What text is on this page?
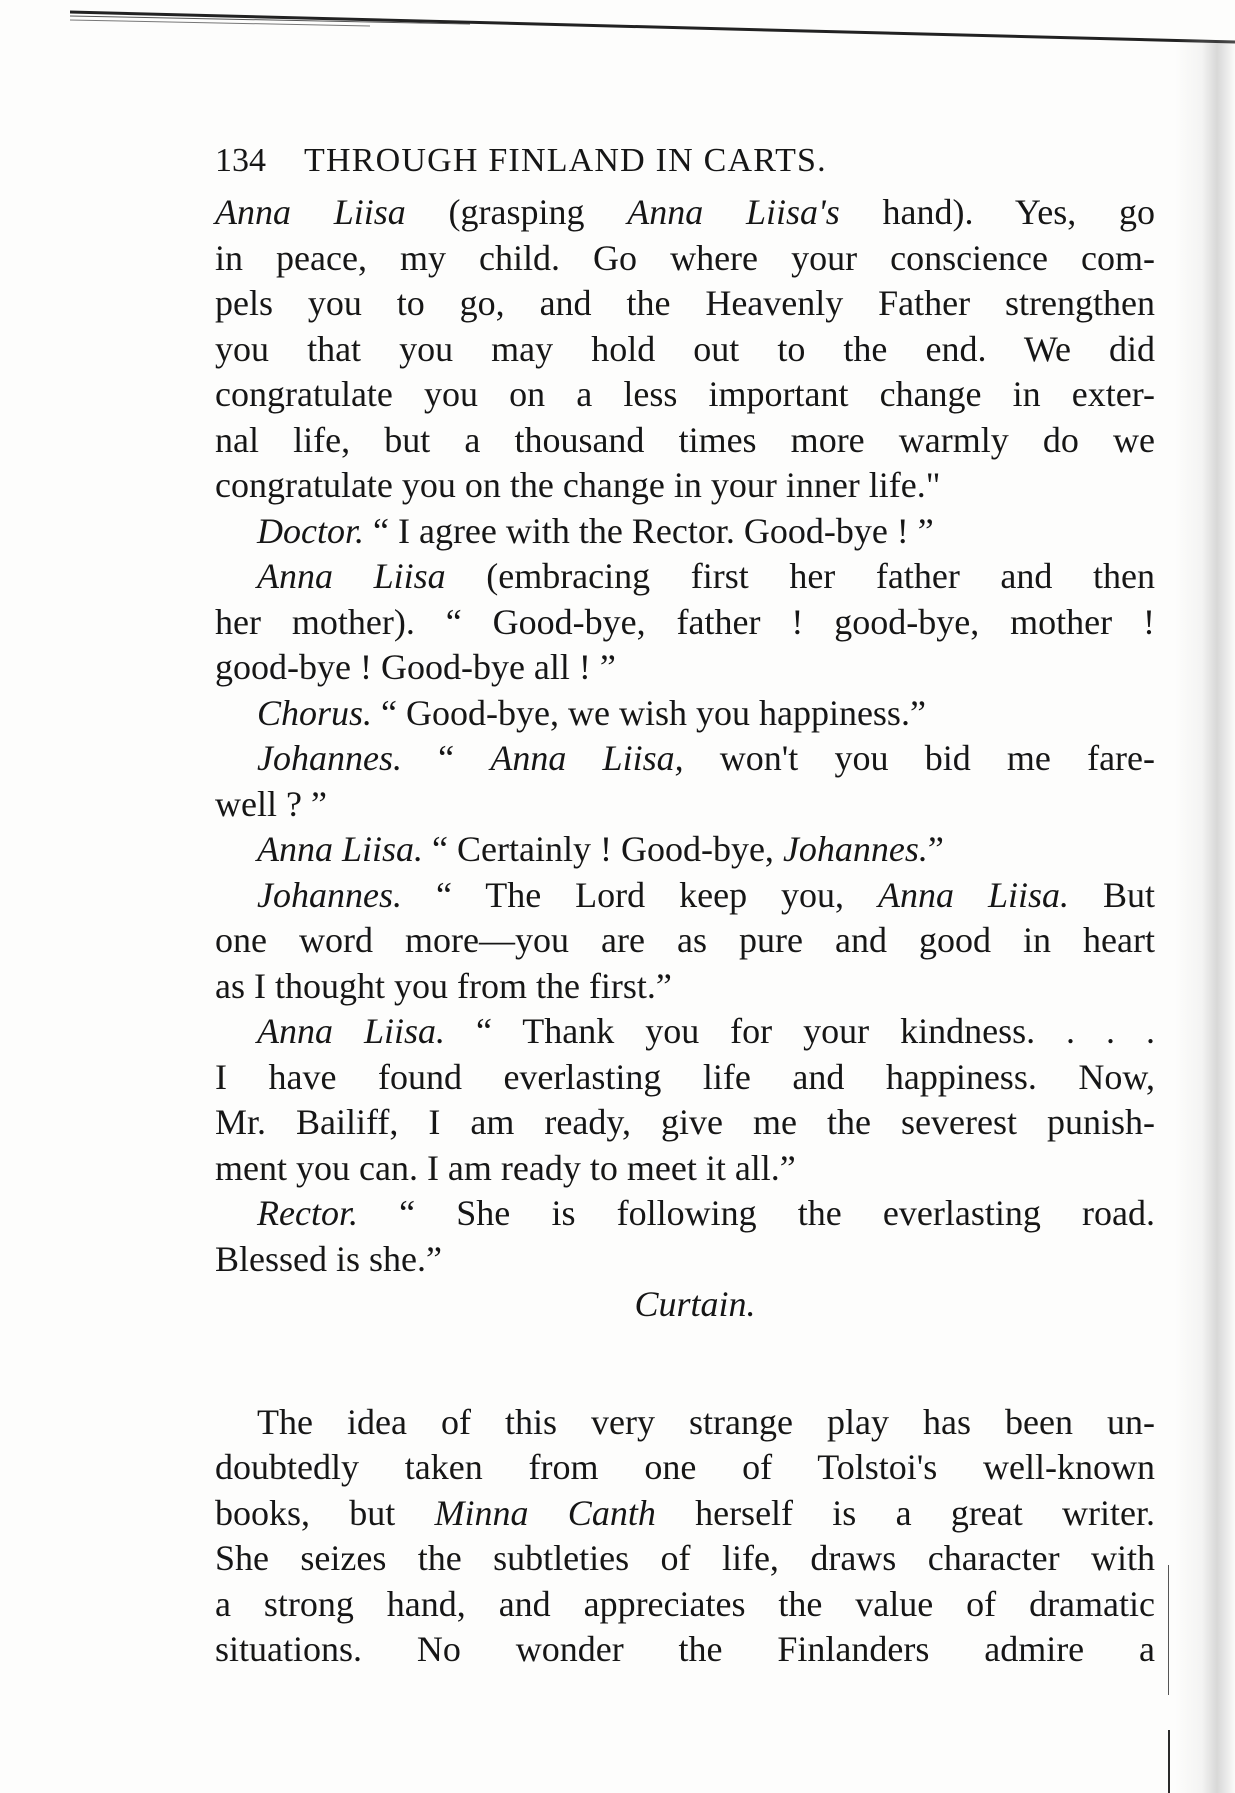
134 THROUGH FINLAND IN CARTS.
Anna Liisa (grasping Anna Liisa's hand). Yes, go
in peace, my child. Go where your conscience com-
pels you to go, and the Heavenly Father strengthen
you that you may hold out to the end. We did
congratulate you on a less important change in exter-
nal life, but a thousand times more warmly do we
congratulate you on the change in your inner life."
Doctor. “ I agree with the Rector. Good-bye ! ”
Anna Liisa (embracing first her father and then
her mother). “ Good-bye, father ! good-bye, mother !
good-bye ! Good-bye all ! ”
Chorus. “ Good-bye, we wish you happiness.”
Johannes. “ Anna Liisa, won't you bid me fare-
well ? ”
Anna Liisa. “ Certainly ! Good-bye, Johannes.”
Johannes. “ The Lord keep you, Anna Liisa. But
one word more—you are as pure and good in heart
as I thought you from the first.”
Anna Liisa. “ Thank you for your kindness. . . .
I have found everlasting life and happiness. Now,
Mr. Bailiff, I am ready, give me the severest punish-
ment you can. I am ready to meet it all.”
Rector. “ She is following the everlasting road.
Blessed is she.”
Curtain.
The idea of this very strange play has been un-
doubtedly taken from one of Tolstoi's well-known
books, but Minna Canth herself is a great writer.
She seizes the subtleties of life, draws character with
a strong hand, and appreciates the value of dramatic
situations. No wonder the Finlanders admire a
